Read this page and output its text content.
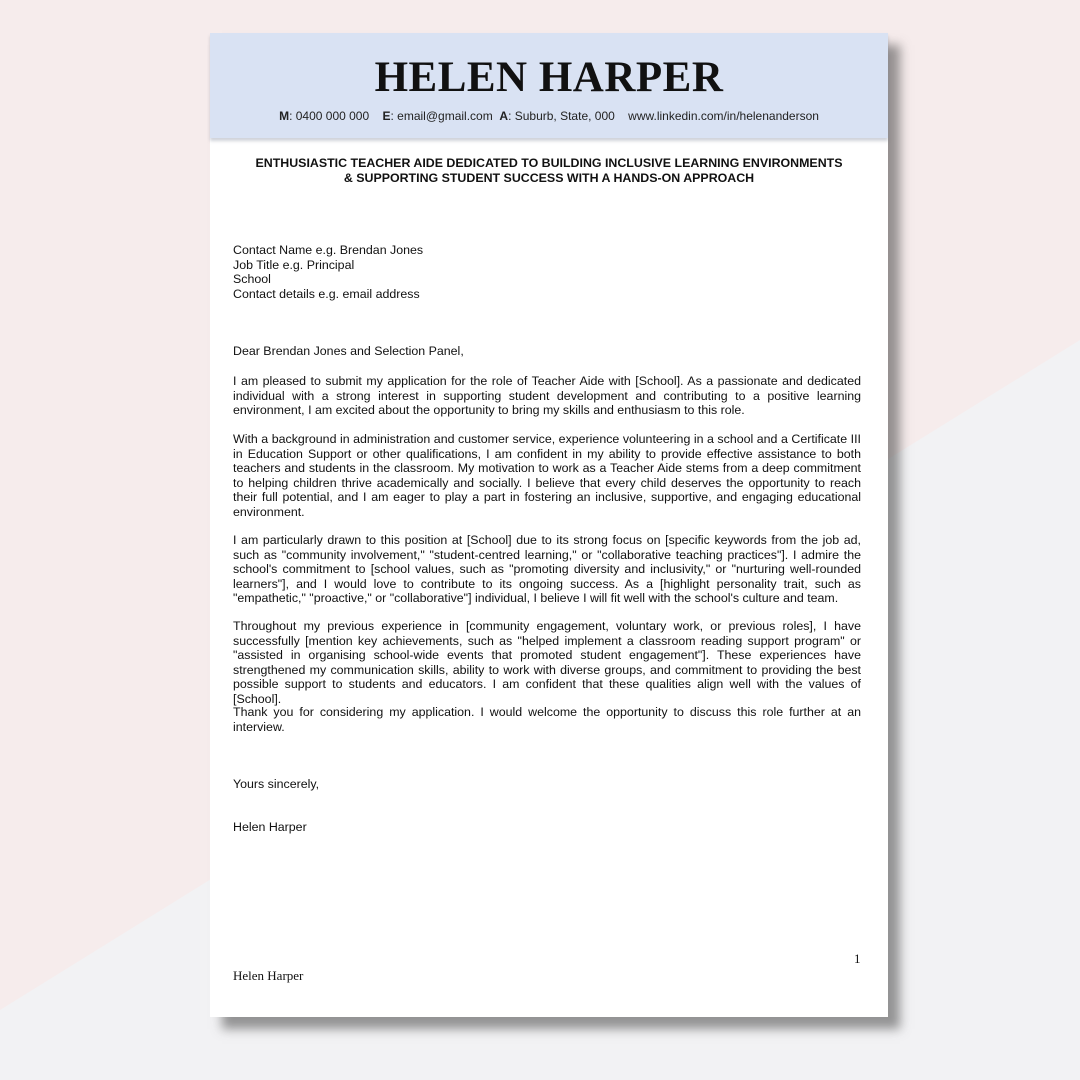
HELEN HARPER
M: 0400 000 000 E: email@gmail.com A: Suburb, State, 000 www.linkedin.com/in/helenanderson
ENTHUSIASTIC TEACHER AIDE DEDICATED TO BUILDING INCLUSIVE LEARNING ENVIRONMENTS
& SUPPORTING STUDENT SUCCESS WITH A HANDS-ON APPROACH
Contact Name e.g. Brendan Jones
Job Title e.g. Principal
School
Contact details e.g. email address
Dear Brendan Jones and Selection Panel,
I am pleased to submit my application for the role of Teacher Aide with [School]. As a passionate and dedicated individual with a strong interest in supporting student development and contributing to a positive learning environment, I am excited about the opportunity to bring my skills and enthusiasm to this role.
With a background in administration and customer service, experience volunteering in a school and a Certificate III in Education Support or other qualifications, I am confident in my ability to provide effective assistance to both teachers and students in the classroom. My motivation to work as a Teacher Aide stems from a deep commitment to helping children thrive academically and socially. I believe that every child deserves the opportunity to reach their full potential, and I am eager to play a part in fostering an inclusive, supportive, and engaging educational environment.
I am particularly drawn to this position at [School] due to its strong focus on [specific keywords from the job ad, such as "community involvement," "student-centred learning," or "collaborative teaching practices"]. I admire the school's commitment to [school values, such as "promoting diversity and inclusivity," or "nurturing well-rounded learners"], and I would love to contribute to its ongoing success. As a [highlight personality trait, such as "empathetic," "proactive," or "collaborative"] individual, I believe I will fit well with the school's culture and team.
Throughout my previous experience in [community engagement, voluntary work, or previous roles], I have successfully [mention key achievements, such as "helped implement a classroom reading support program" or "assisted in organising school-wide events that promoted student engagement"]. These experiences have strengthened my communication skills, ability to work with diverse groups, and commitment to providing the best possible support to students and educators. I am confident that these qualities align well with the values of [School].
Thank you for considering my application. I would welcome the opportunity to discuss this role further at an interview.
Yours sincerely,
Helen Harper
1
Helen Harper
